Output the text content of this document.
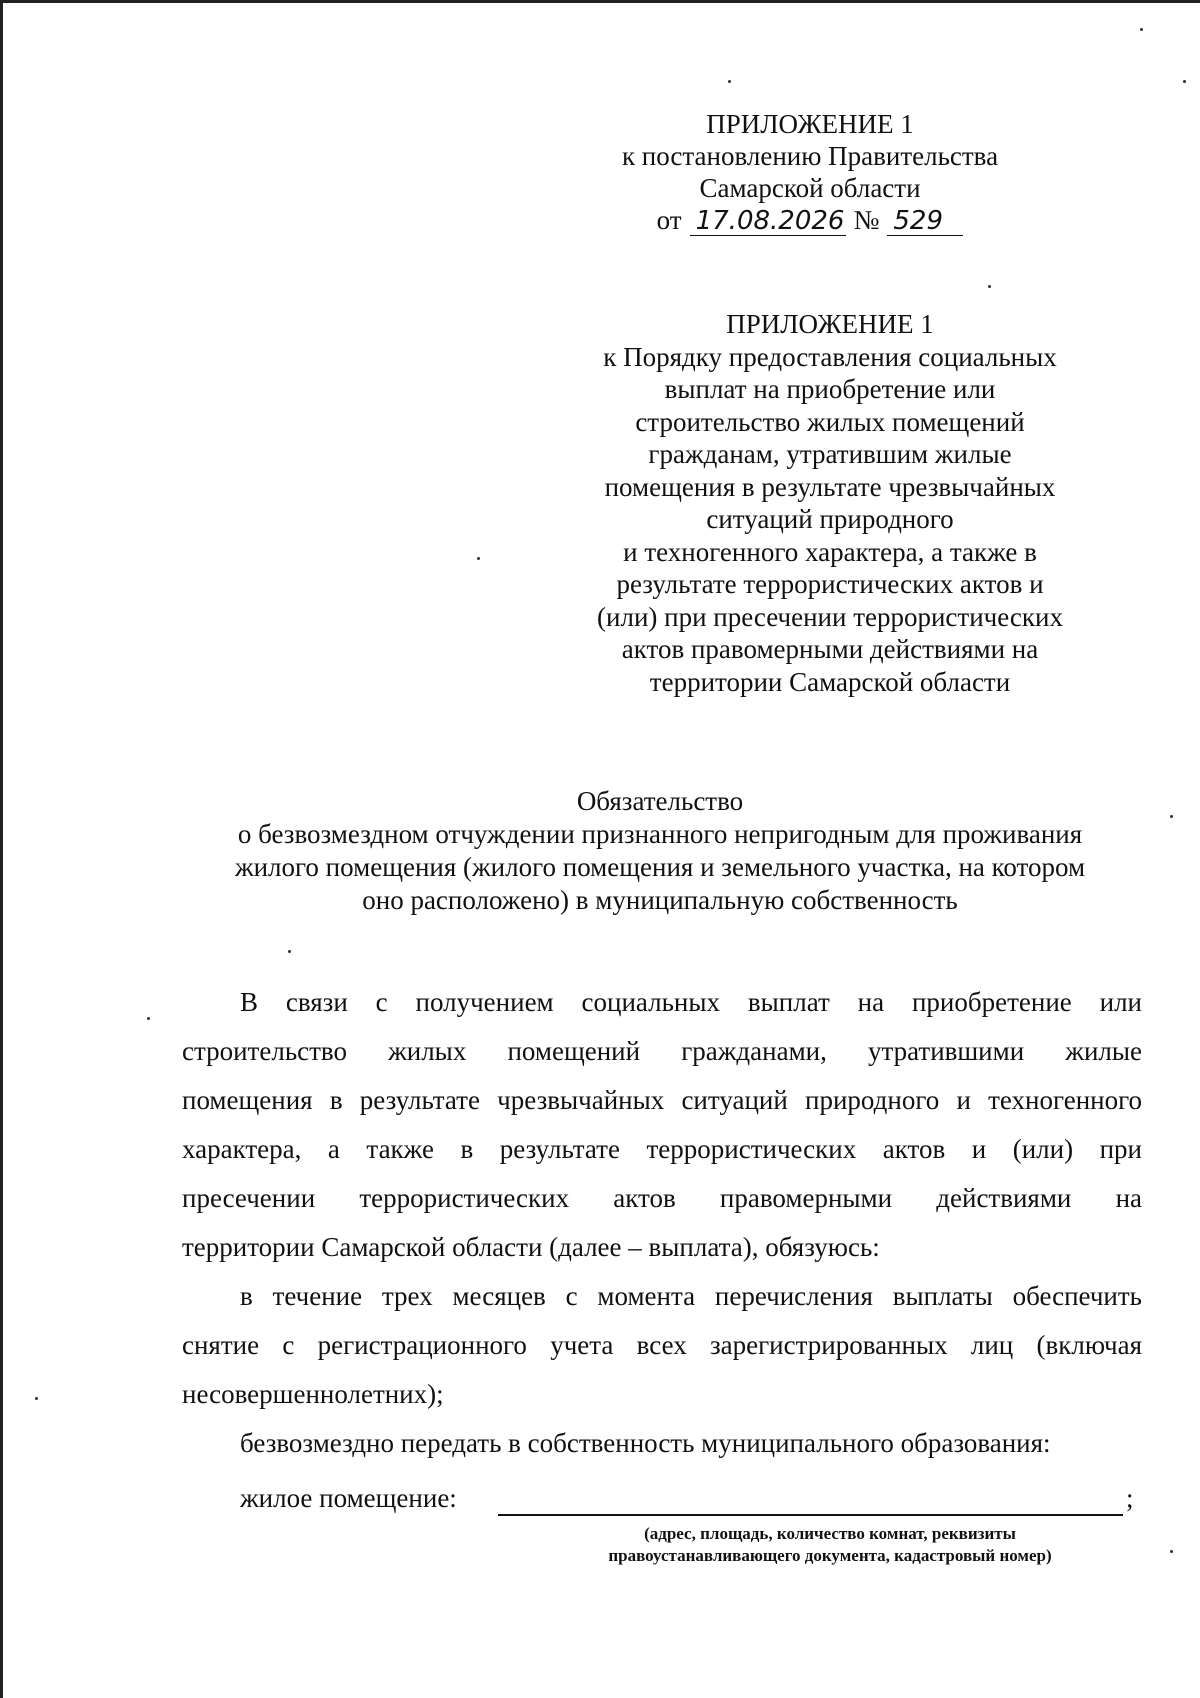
ПРИЛОЖЕНИЕ 1
к постановлению Правительства
Самарской области
от 17.08.2026 № 529
ПРИЛОЖЕНИЕ 1
к Порядку предоставления социальных
выплат на приобретение или
строительство жилых помещений
гражданам, утратившим жилые
помещения в результате чрезвычайных
ситуаций природного
и техногенного характера, а также в
результате террористических актов и
(или) при пресечении террористических
актов правомерными действиями на
территории Самарской области
Обязательство
о безвозмездном отчуждении признанного непригодным для проживания
жилого помещения (жилого помещения и земельного участка, на котором
оно расположено) в муниципальную собственность
В связи с получением социальных выплат на приобретение или
строительство жилых помещений гражданами, утратившими жилые
помещения в результате чрезвычайных ситуаций природного и техногенного
характера, а также в результате террористических актов и (или) при
пресечении террористических актов правомерными действиями на
территории Самарской области (далее – выплата), обязуюсь:
в течение трех месяцев с момента перечисления выплаты обеспечить
снятие с регистрационного учета всех зарегистрированных лиц (включая
несовершеннолетних);
безвозмездно передать в собственность муниципального образования:
жилое помещение:	;
(адрес, площадь, количество комнат, реквизиты
правоустанавливающего документа, кадастровый номер)
